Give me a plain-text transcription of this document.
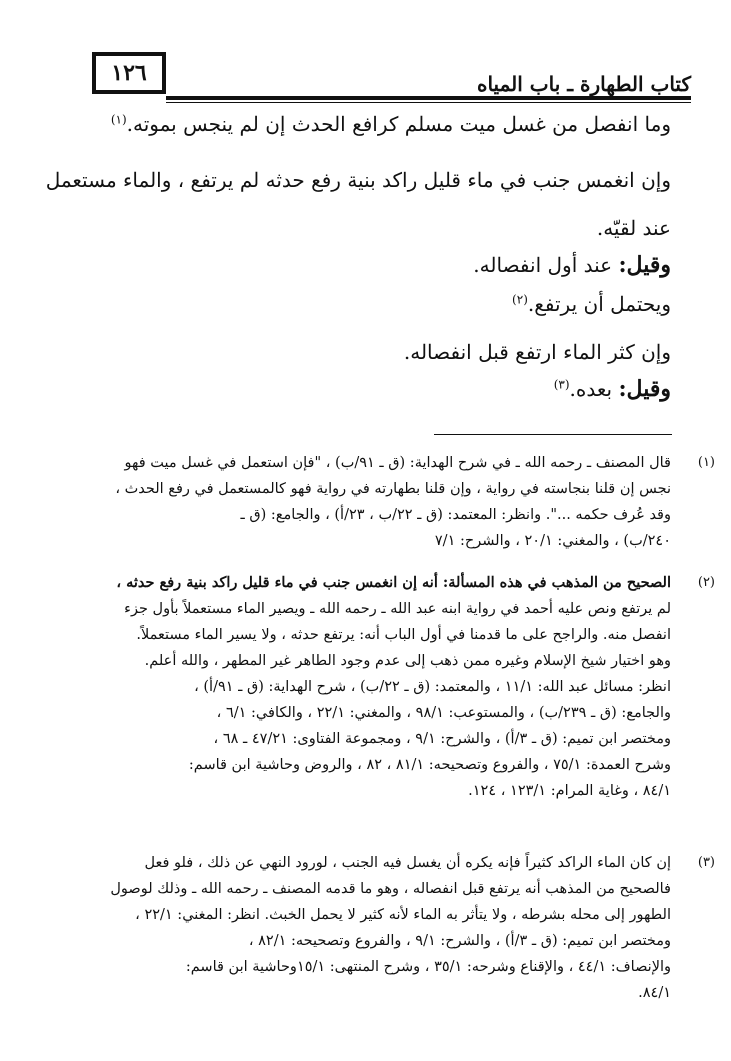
١٢٦	كتاب الطهارة ـ باب المياه

وما انفصل من غسل ميت مسلم كرافع الحدث إن لم ينجس بموته.$^{(١)}$

وإن انغمس جنب في ماء قليل راكد بنية رفع حدثه لم يرتفع ، والماء مستعمل

عند لقيّه.

وقيل: عند أول انفصاله.

ويحتمل أن يرتفع.$^{(٢)}$

وإن كثر الماء ارتفع قبل انفصاله.

وقيل: بعده.$^{(٣)}$

(١)
قال المصنف ـ رحمه الله ـ في شرح الهداية: (ق ـ ٩١/ب) ، "فإن استعمل في غسل ميت فهو
نجس إن قلنا بنجاسته في رواية ، وإن قلنا بطهارته في رواية فهو كالمستعمل في رفع الحدث ،
وقد عُرف حكمه ...". وانظر: المعتمد: (ق ـ ٢٢/ب ، ٢٣/أ) ، والجامع: (ق ـ
٢٤٠/ب) ، والمغني: ٢٠/١ ، والشرح: ٧/١
(٢)
الصحيح من المذهب في هذه المسألة: أنه إن انغمس جنب في ماء قليل راكد بنية رفع حدثه ،
لم يرتفع ونص عليه أحمد في رواية ابنه عبد الله ـ رحمه الله ـ ويصير الماء مستعملاً بأول جزء
انفصل منه. والراجح على ما قدمنا في أول الباب أنه: يرتفع حدثه ، ولا يسير الماء مستعملاً.
وهو اختيار شيخ الإسلام وغيره ممن ذهب إلى عدم وجود الطاهر غير المطهر ، والله أعلم.
انظر: مسائل عبد الله: ١١/١ ، والمعتمد: (ق ـ ٢٢/ب) ، شرح الهداية: (ق ـ ٩١/أ) ،
والجامع: (ق ـ ٢٣٩/ب) ، والمستوعب: ٩٨/١ ، والمغني: ٢٢/١ ، والكافي: ٦/١ ،
ومختصر ابن تميم: (ق ـ ٣/أ) ، والشرح: ٩/١ ، ومجموعة الفتاوى: ٤٧/٢١ ـ ٦٨ ،
وشرح العمدة: ٧٥/١ ، والفروع وتصحيحه: ٨١/١ ، ٨٢ ، والروض وحاشية ابن قاسم:
٨٤/١ ، وغاية المرام: ١٢٣/١ ، ١٢٤.
(٣)
إن كان الماء الراكد كثيراً فإنه يكره أن يغسل فيه الجنب ، لورود النهي عن ذلك ، فلو فعل
فالصحيح من المذهب أنه يرتفع قبل انفصاله ، وهو ما قدمه المصنف ـ رحمه الله ـ وذلك لوصول
الطهور إلى محله بشرطه ، ولا يتأثر به الماء لأنه كثير لا يحمل الخبث. انظر: المغني: ٢٢/١ ،
ومختصر ابن تميم: (ق ـ ٣/أ) ، والشرح: ٩/١ ، والفروع وتصحيحه: ٨٢/١ ،
والإنصاف: ٤٤/١ ، والإقناع وشرحه: ٣٥/١ ، وشرح المنتهى: ١٥/١وحاشية ابن قاسم:
٨٤/١.
